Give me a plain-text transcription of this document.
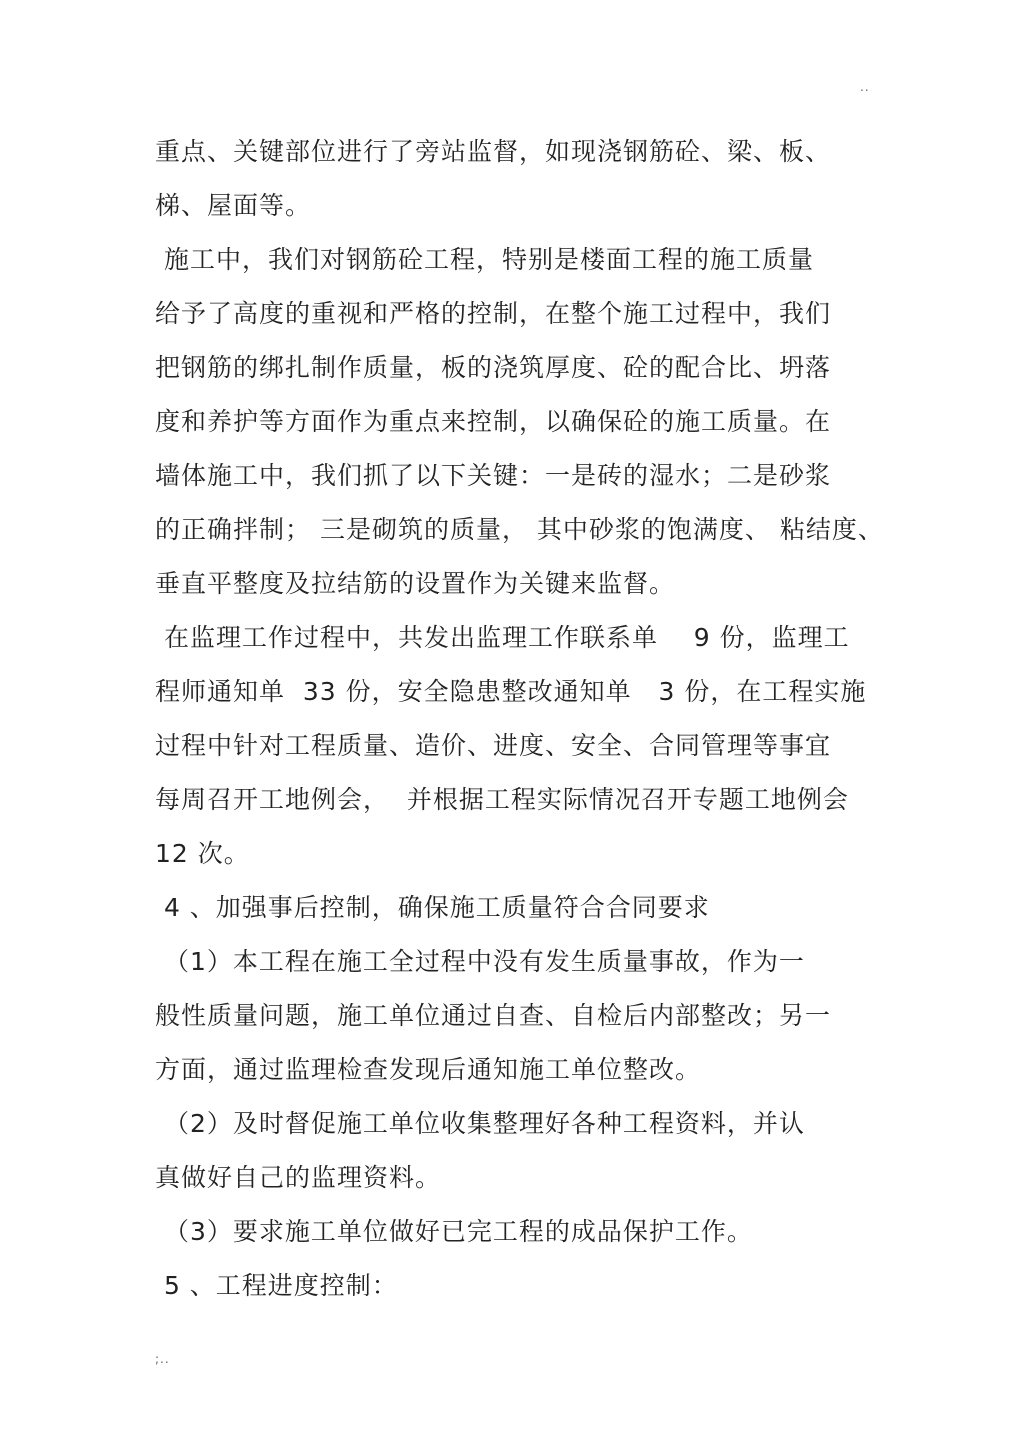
..
重点、关键部位进行了旁站监督，如现浇钢筋砼、梁、板、
梯、屋面等。
施工中，我们对钢筋砼工程，特别是楼面工程的施工质量
给予了高度的重视和严格的控制，在整个施工过程中，我们
把钢筋的绑扎制作质量，板的浇筑厚度、砼的配合比、坍落
度和养护等方面作为重点来控制，以确保砼的施工质量。在
墙体施工中，我们抓了以下关键：一是砖的湿水；二是砂浆
的正确拌制； 三是砌筑的质量， 其中砂浆的饱满度、 粘结度、
垂直平整度及拉结筋的设置作为关键来监督。
在监理工作过程中，共发出监理工作联系单    9 份，监理工
程师通知单  33 份，安全隐患整改通知单   3 份，在工程实施
过程中针对工程质量、造价、进度、安全、合同管理等事宜
每周召开工地例会，  并根据工程实际情况召开专题工地例会
12 次。
4 、加强事后控制，确保施工质量符合合同要求
（1）本工程在施工全过程中没有发生质量事故，作为一
般性质量问题，施工单位通过自查、自检后内部整改；另一
方面，通过监理检查发现后通知施工单位整改。
（2）及时督促施工单位收集整理好各种工程资料，并认
真做好自己的监理资料。
（3）要求施工单位做好已完工程的成品保护工作。
5 、工程进度控制：
;..
